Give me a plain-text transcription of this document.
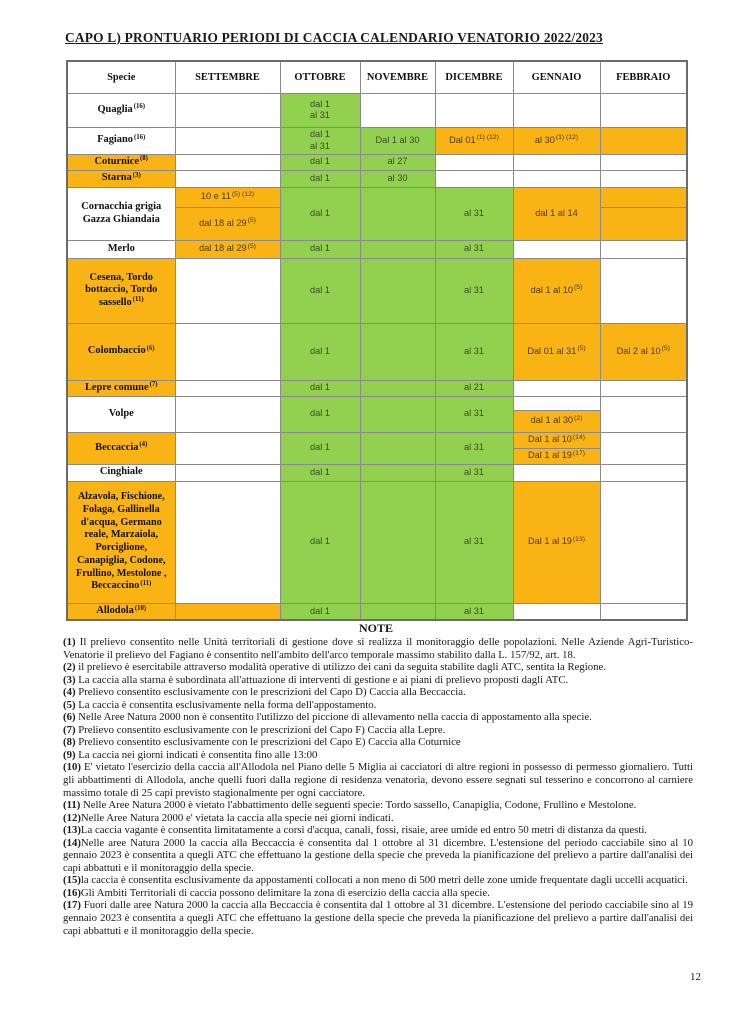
CAPO L) PRONTUARIO PERIODI DI CACCIA CALENDARIO VENATORIO 2022/2023
Specie	SETTEMBRE	OTTOBRE	NOVEMBRE	DICEMBRE	GENNAIO	FEBBRAIO
Quaglia$^{(16)}$		dal 1
al 31				

Fagiano$^{(16)}$		dal 1
al 31	Dal 1 al 30	Dal $01^{(1) (12)}$	al $30^{(1) (12)}$	
Coturnice$^{(8)}$		dal 1	al 27			
Starna$^{(3)}$		dal 1	al 30			
Cornacchia grigia Gazza Ghiandaia	10 e $11^{(5) (12)}$	dal 1		al 31	dal 1 al 14	
	dal 18 al 29$^{(5)}$	
Merlo	dal 18 al 29$^{(5)}$	dal 1		al 31		
Cesena, Tordo bottaccio, Tordo sassello$^{(11)}$		dal 1		al 31	dal 1 al 10$^{(5)}$	
Colombaccio$^{(6)}$		dal 1		al 31	Dal 01 al 31$^{(5)}$	Dal 2 al 10$^{(5)}$
Lepre comune$^{(7)}$		dal 1		al 21		
Volpe		dal 1		al 31		
					dal 1 al 30$^{(2)}$
Beccaccia$^{(4)}$		dal 1		al 31	Dal 1 al 10$^{(14)}$	
					Dal 1 al 19$^{(17)}$
Cinghiale		dal 1		al 31		
Alzavola, Fischione, Folaga, Gallinella d'acqua, Germano reale, Marzaiola, Porciglione, Canapiglia, Codone, Frullino, Mestolone , Beccaccino$^{(11)}$		dal 1		al 31	Dal 1 al 19$^{(13)}$	
Allodola$^{(10)}$		dal 1		al 31		
NOTE

(1) Il prelievo consentito nelle Unità territoriali di gestione dove si realizza il monitoraggio delle popolazioni. Nelle Aziende Agri-Turistico-Venatorie il prelievo del Fagiano è consentito nell'ambito dell'arco temporale massimo stabilito dalla L. 157/92, art. 18.

(2) il prelievo è esercitabile attraverso modalità operative di utilizzo dei cani da seguita stabilite dagli ATC, sentita la Regione.

(3) La caccia alla starna è subordinata all'attuazione di interventi di gestione e ai piani di prelievo proposti dagli ATC.

(4) Prelievo consentito esclusivamente con le prescrizioni del Capo D) Caccia alla Beccaccia.

(5) La caccia è consentita esclusivamente nella forma dell'appostamento.

(6) Nelle Aree Natura 2000 non è consentito l'utilizzo del piccione di allevamento nella caccia di appostamento alla specie.

(7) Prelievo consentito esclusivamente con le prescrizioni del Capo F) Caccia alla Lepre.

(8) Prelievo consentito esclusivamente con le prescrizioni del Capo E) Caccia alla Coturnice

(9) La caccia nei giorni indicati è consentita fino alle 13:00

(10) E' vietato l'esercizio della caccia all'Allodola nel Piano delle 5 Miglia ai cacciatori di altre regioni in possesso di permesso giornaliero. Tutti gli abbattimenti di Allodola, anche quelli fuori dalla regione di residenza venatoria, devono essere segnati sul tesserino e concorrono al carniere massimo totale di 25 capi previsto stagionalmente per ogni cacciatore.

(11) Nelle Aree Natura 2000 è vietato l'abbattimento delle seguenti specie: Tordo sassello, Canapiglia, Codone, Frullino e Mestolone.

(12)Nelle Aree Natura 2000 e' vietata la caccia alla specie nei giorni indicati.

(13)La caccia vagante è consentita limitatamente a corsi d'acqua, canali, fossi, risaie, aree umide ed entro 50 metri di distanza da questi.

(14)Nelle aree Natura 2000 la caccia alla Beccaccia è consentita dal 1 ottobre al 31 dicembre. L'estensione del periodo cacciabile sino al 10 gennaio 2023 è consentita a quegli ATC che effettuano la gestione della specie che preveda la pianificazione del prelievo a partire dall'analisi dei capi abbattuti e il monitoraggio della specie.

(15)la caccia è consentita esclusivamente da appostamenti collocati a non meno di 500 metri delle zone umide frequentate dagli uccelli acquatici.

(16)Gli Ambiti Territoriali di caccia possono delimitare la zona di esercizio della caccia alla specie.

(17) Fuori dalle aree Natura 2000 la caccia alla Beccaccia è consentita dal 1 ottobre al 31 dicembre. L'estensione del periodo cacciabile sino al 19 gennaio 2023 è consentita a quegli ATC che effettuano la gestione della specie che preveda la pianificazione del prelievo a partire dall'analisi dei capi abbattuti e il monitoraggio della specie.

12
